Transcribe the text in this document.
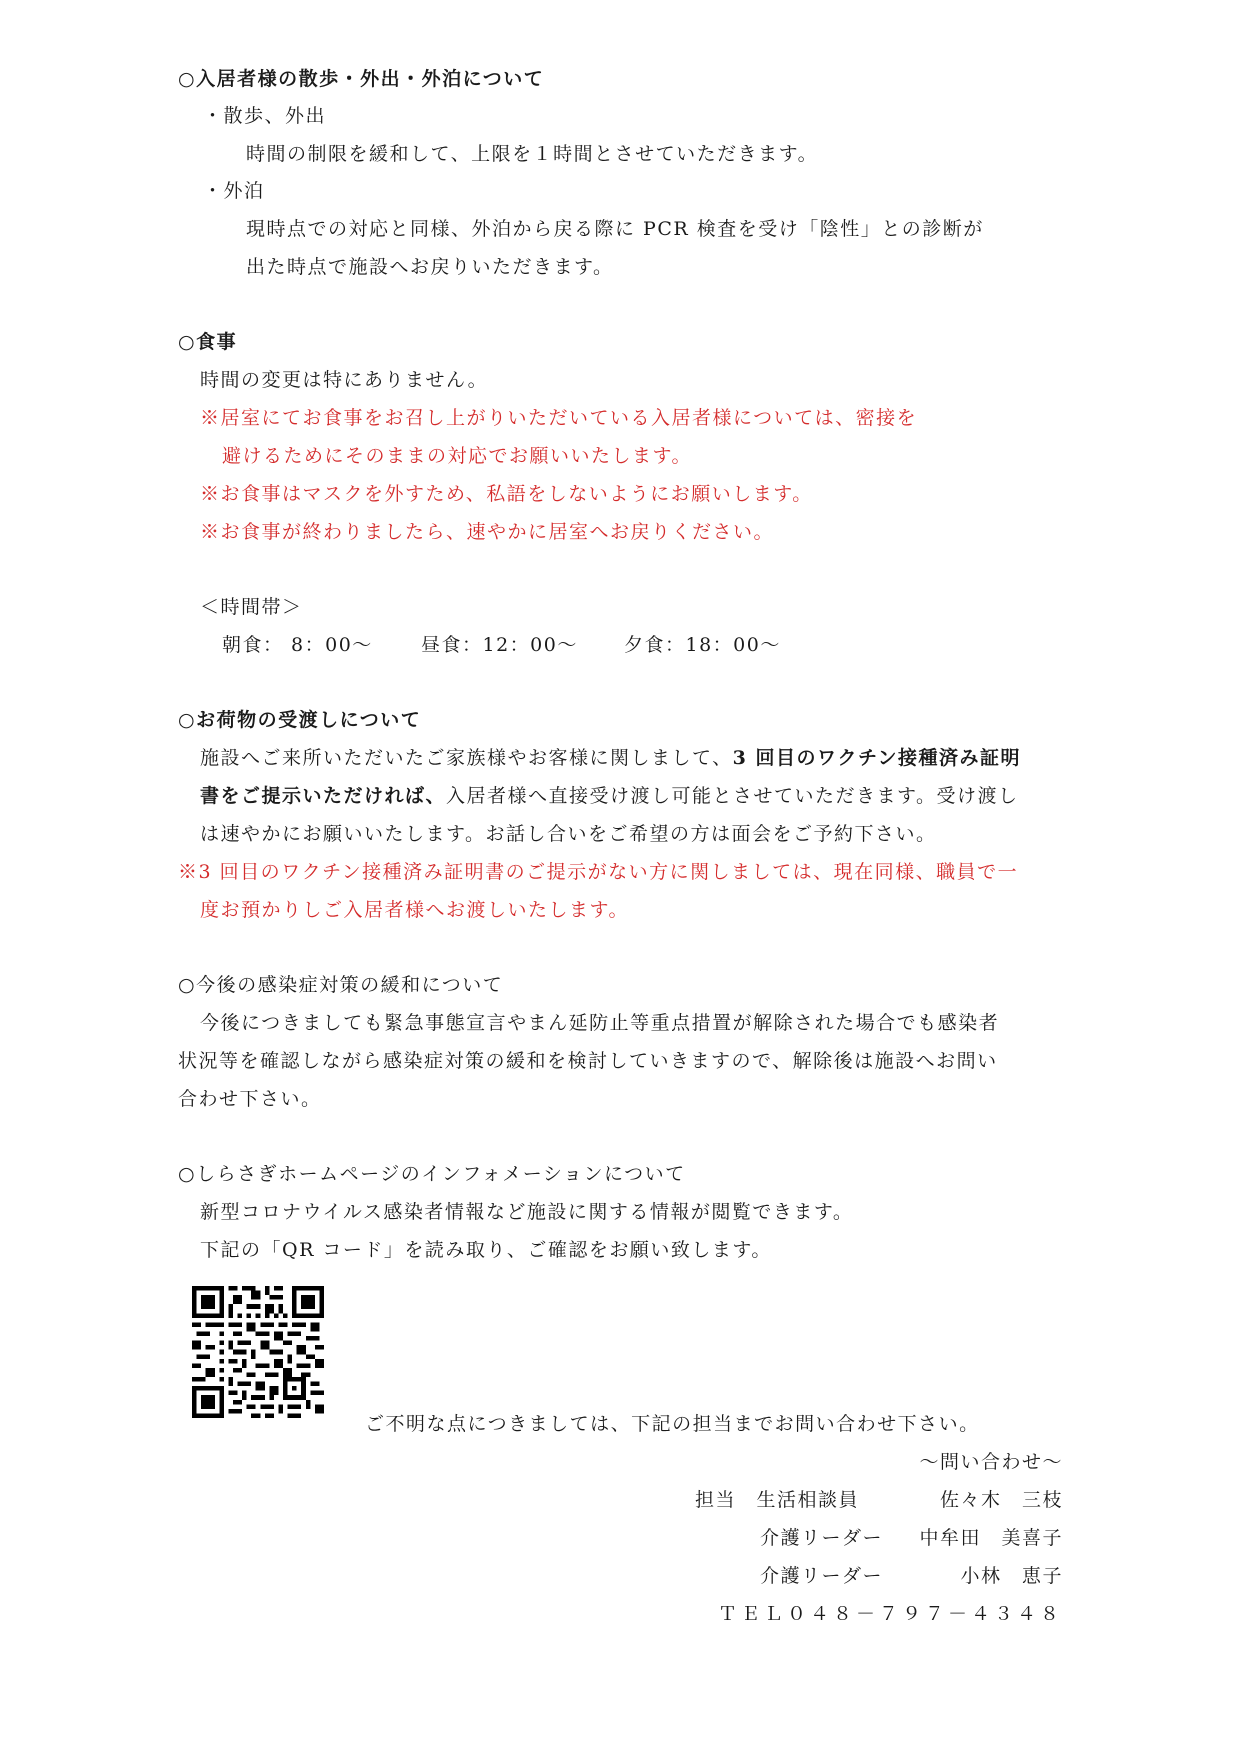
○入居者様の散歩・外出・外泊について
・散歩、外出
時間の制限を緩和して、上限を１時間とさせていただきます。
・外泊
現時点での対応と同様、外泊から戻る際に PCR 検査を受け「陰性」との診断が
出た時点で施設へお戻りいただきます。
○食事
時間の変更は特にありません。
※居室にてお食事をお召し上がりいただいている入居者様については、密接を
避けるためにそのままの対応でお願いいたします。
※お食事はマスクを外すため、私語をしないようにお願いします。
※お食事が終わりましたら、速やかに居室へお戻りください。
＜時間帯＞
朝食： 8：00～	昼食：12：00～ 夕食：18：00～
○お荷物の受渡しについて
施設へご来所いただいたご家族様やお客様に関しまして、3 回目のワクチン接種済み証明
書をご提示いただければ、入居者様へ直接受け渡し可能とさせていただきます。受け渡し
は速やかにお願いいたします。お話し合いをご希望の方は面会をご予約下さい。
※3 回目のワクチン接種済み証明書のご提示がない方に関しましては、現在同様、職員で一
度お預かりしご入居者様へお渡しいたします。
○今後の感染症対策の緩和について
今後につきましても緊急事態宣言やまん延防止等重点措置が解除された場合でも感染者
状況等を確認しながら感染症対策の緩和を検討していきますので、解除後は施設へお問い
合わせ下さい。
○しらさぎホームページのインフォメーションについて
新型コロナウイルス感染者情報など施設に関する情報が閲覧できます。
下記の「QR コード」を読み取り、ご確認をお願い致します。
ご不明な点につきましては、下記の担当までお問い合わせ下さい。
～問い合わせ～
担当　生活相談員	佐々木　三枝
介護リーダー 中牟田　美喜子
介護リーダー	小林　恵子
ＴＥＬ０４８－７９７－４３４８
